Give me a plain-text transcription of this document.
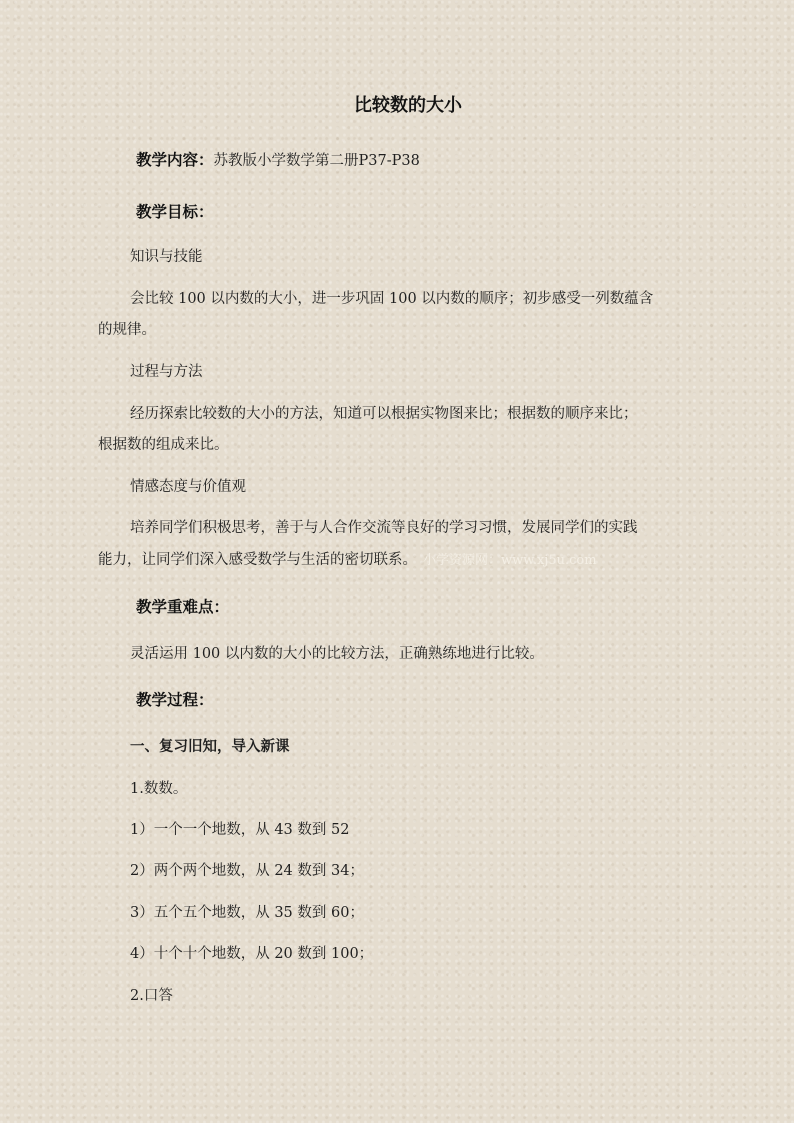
比较数的大小
教学内容：苏教版小学数学第二册P37-P38
教学目标：
知识与技能
会比较 100 以内数的大小，进一步巩固 100 以内数的顺序；初步感受一列数蕴含
的规律。
过程与方法
经历探索比较数的大小的方法，知道可以根据实物图来比；根据数的顺序来比；
根据数的组成来比。
情感态度与价值观
培养同学们积极思考，善于与人合作交流等良好的学习习惯，发展同学们的实践
能力，让同学们深入感受数学与生活的密切联系。 小学资源网：www.xj5u.com
教学重难点：
灵活运用 100 以内数的大小的比较方法，正确熟练地进行比较。
教学过程：
一、复习旧知，导入新课
1.数数。
1）一个一个地数，从 43 数到 52
2）两个两个地数，从 24 数到 34；
3）五个五个地数，从 35 数到 60；
4）十个十个地数，从 20 数到 100；
2.口答
